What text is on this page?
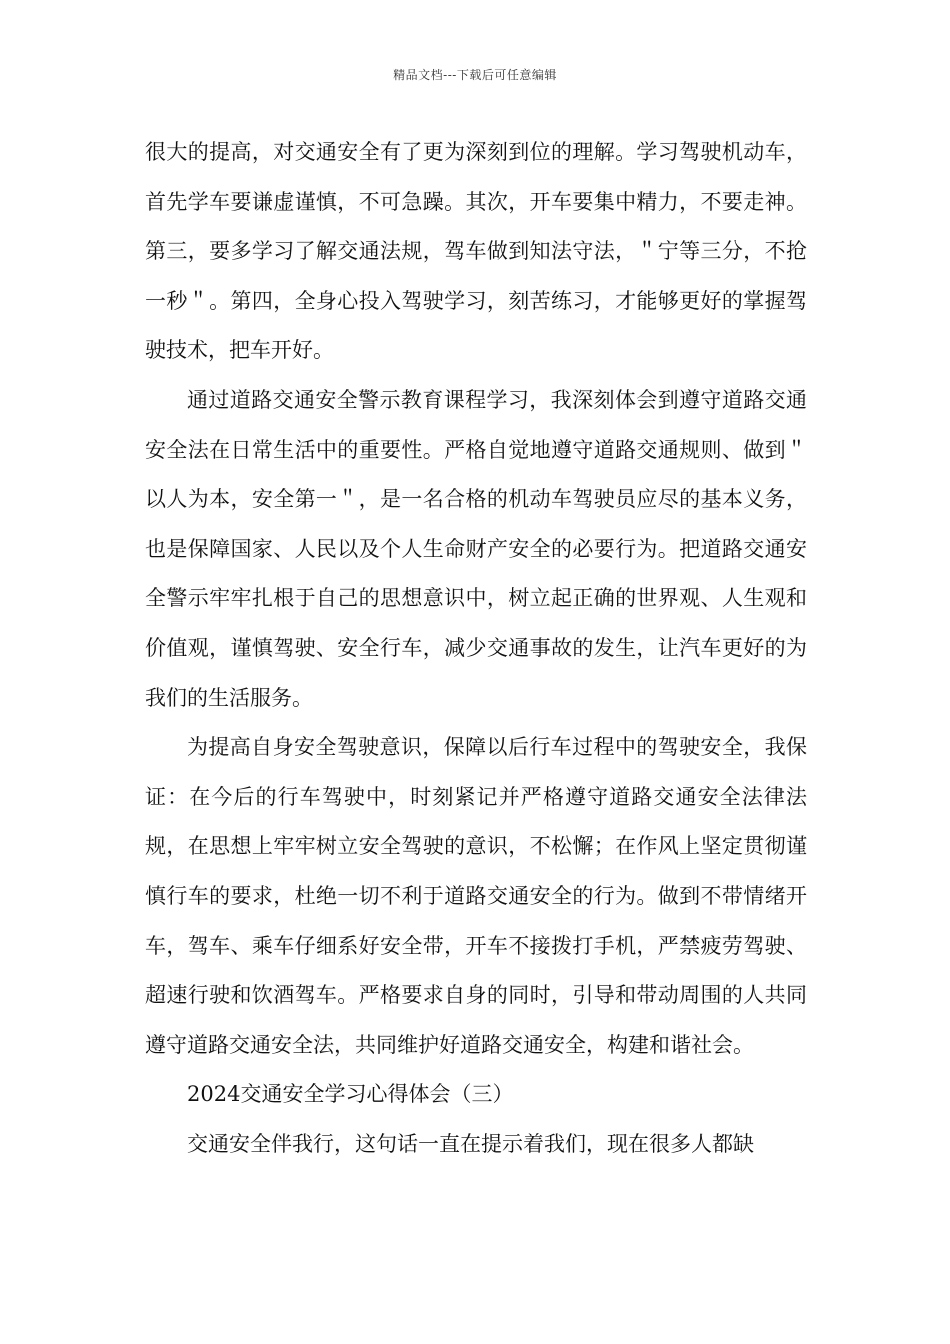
精品文档---下载后可任意编辑

很大的提高，对交通安全有了更为深刻到位的理解。学习驾驶机动车，首先学车要谦虚谨慎，不可急躁。其次，开车要集中精力，不要走神。第三，要多学习了解交通法规，驾车做到知法守法，＂宁等三分，不抢一秒＂。第四，全身心投入驾驶学习，刻苦练习，才能够更好的掌握驾驶技术，把车开好。

通过道路交通安全警示教育课程学习，我深刻体会到遵守道路交通安全法在日常生活中的重要性。严格自觉地遵守道路交通规则、做到＂以人为本，安全第一＂，是一名合格的机动车驾驶员应尽的基本义务，也是保障国家、人民以及个人生命财产安全的必要行为。把道路交通安全警示牢牢扎根于自己的思想意识中，树立起正确的世界观、人生观和价值观，谨慎驾驶、安全行车，减少交通事故的发生，让汽车更好的为我们的生活服务。

为提高自身安全驾驶意识，保障以后行车过程中的驾驶安全，我保证：在今后的行车驾驶中，时刻紧记并严格遵守道路交通安全法律法规，在思想上牢牢树立安全驾驶的意识，不松懈；在作风上坚定贯彻谨慎行车的要求，杜绝一切不利于道路交通安全的行为。做到不带情绪开车，驾车、乘车仔细系好安全带，开车不接拨打手机，严禁疲劳驾驶、超速行驶和饮酒驾车。严格要求自身的同时，引导和带动周围的人共同遵守道路交通安全法，共同维护好道路交通安全，构建和谐社会。

2024交通安全学习心得体会（三）

交通安全伴我行，这句话一直在提示着我们，现在很多人都缺
